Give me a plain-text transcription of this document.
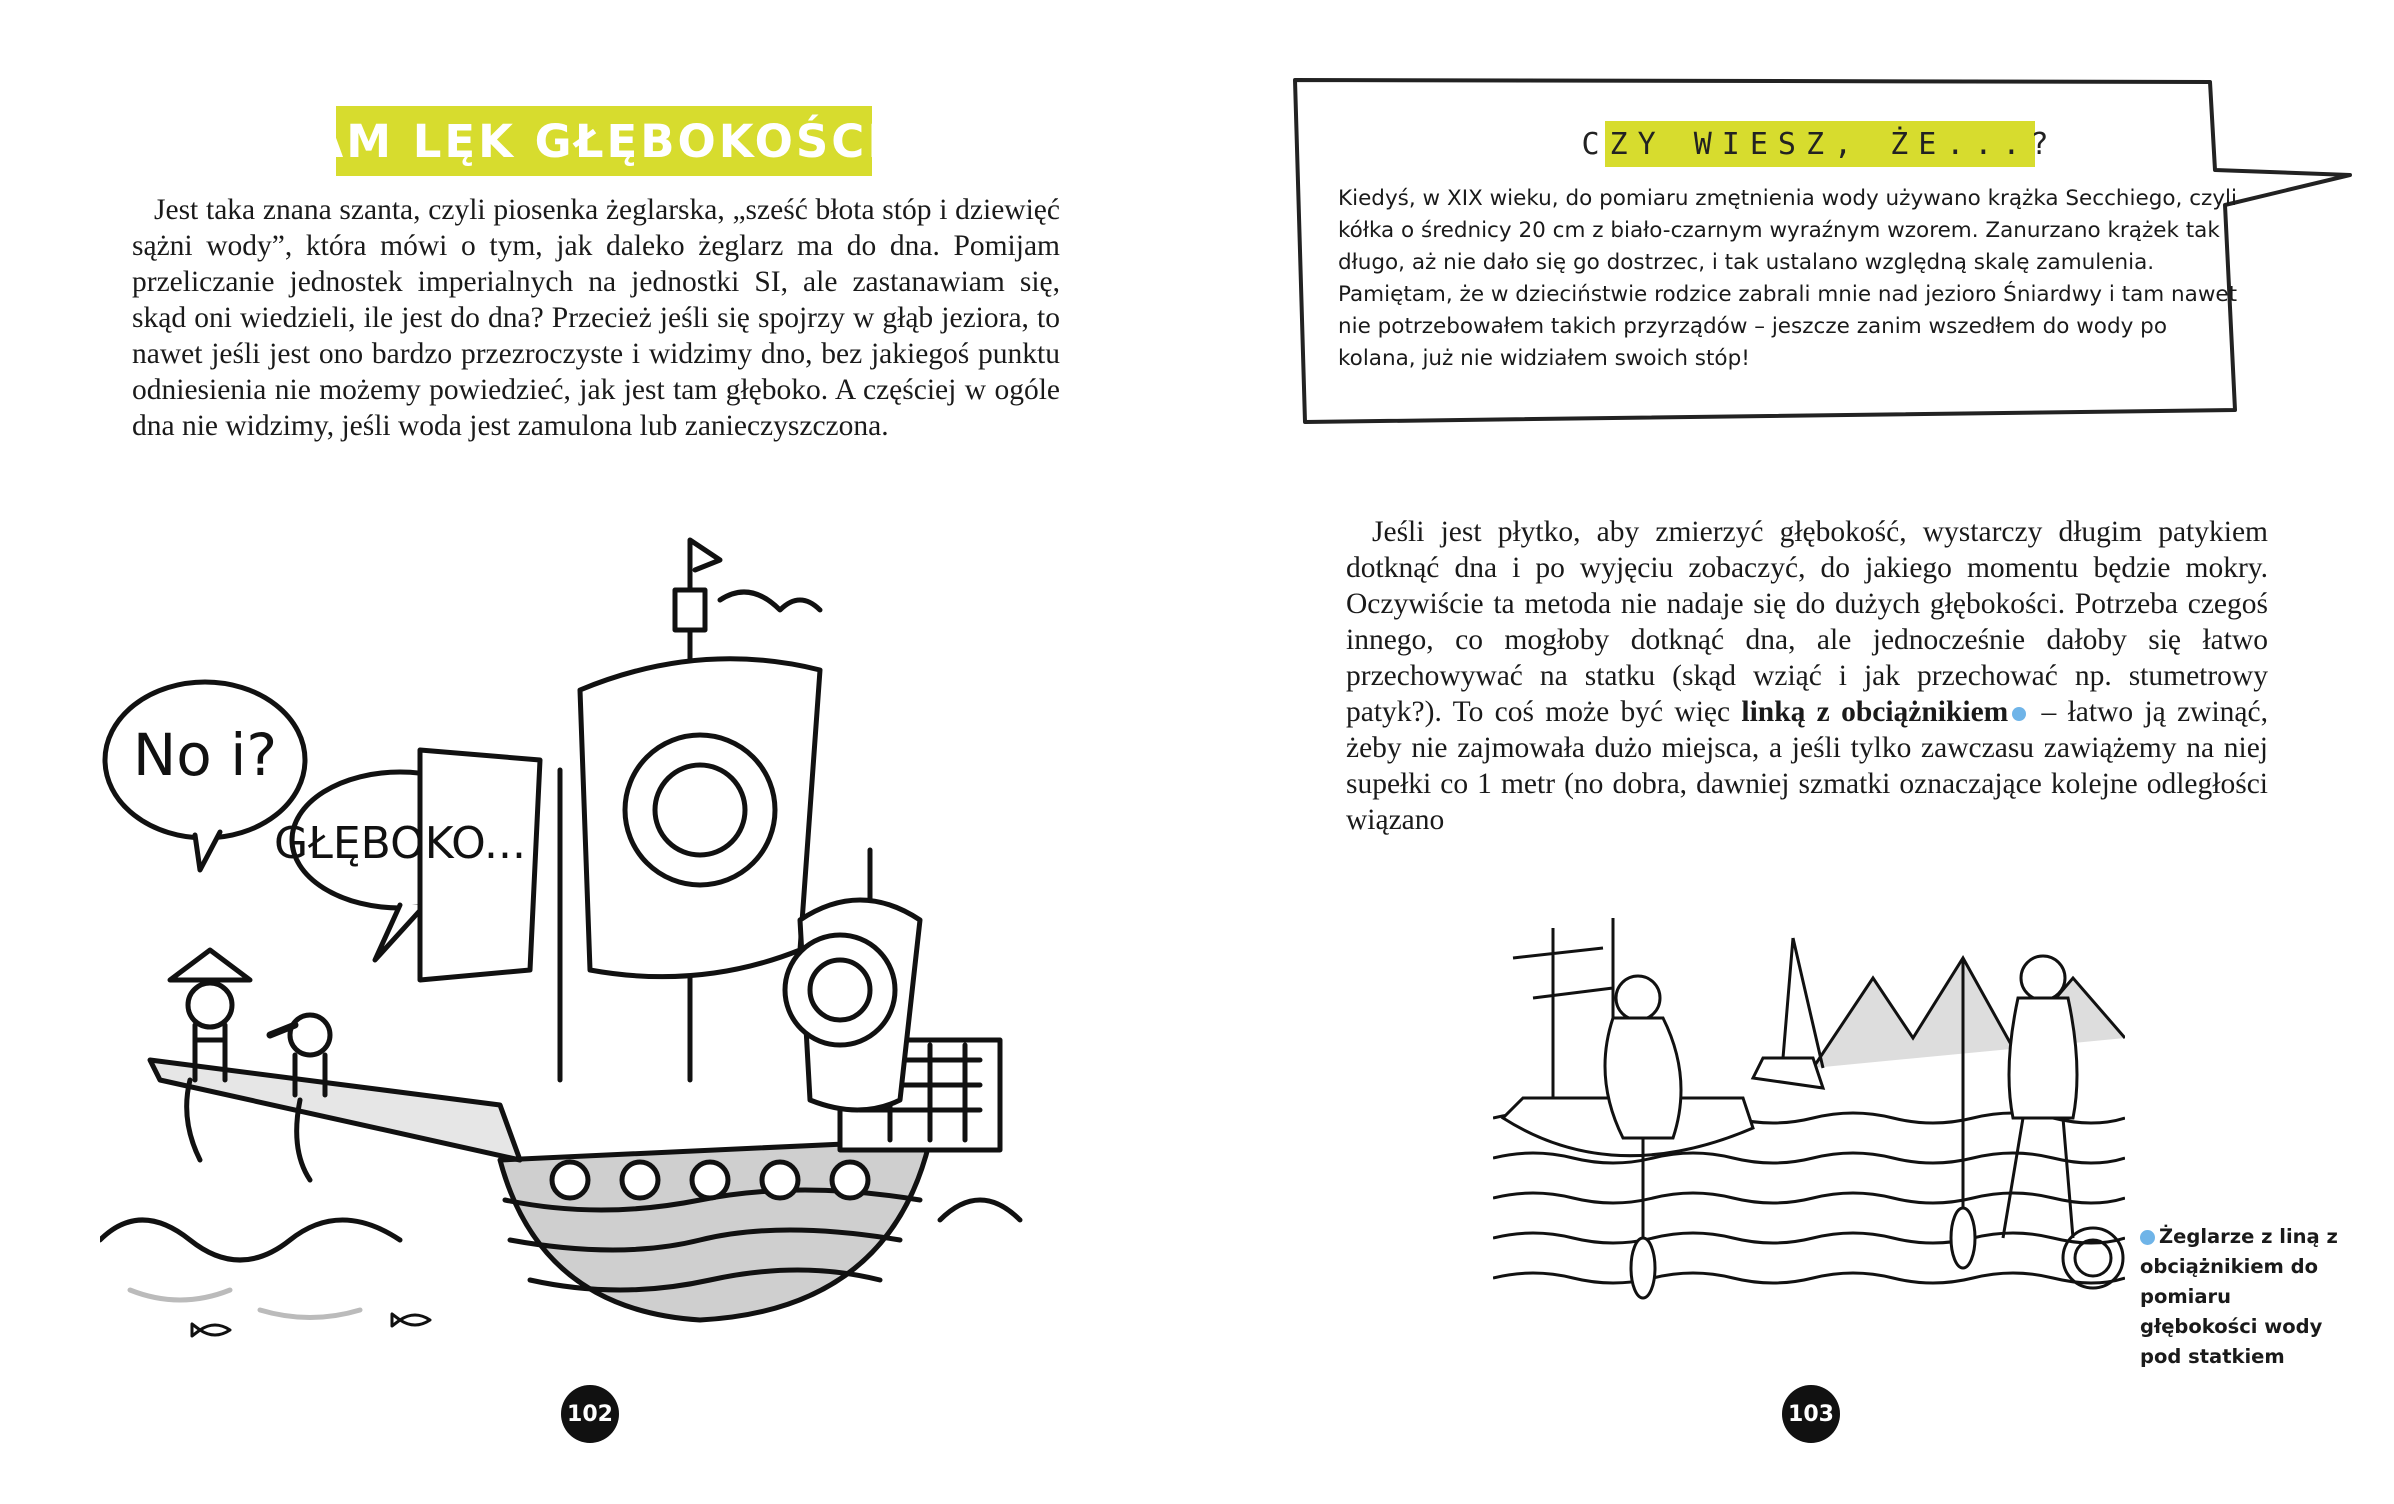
MAM LĘK GŁĘBOKOŚCI...

Jest taka znana szanta, czyli piosenka żeglarska, „sześć błota stóp i dziewięć sążni wody”, która mówi o tym, jak daleko żeglarz ma do dna. Pomijam przeliczanie jednostek imperialnych na jednostki SI, ale zastanawiam się, skąd oni wiedzieli, ile jest do dna? Przecież jeśli się spojrzy w głąb jeziora, to nawet jeśli jest ono bardzo przezroczyste i widzimy dno, bez jakiegoś punktu odniesienia nie możemy powiedzieć, jak jest tam głęboko. A częściej w ogóle dna nie widzimy, jeśli woda jest zamulona lub zanieczyszczona.

No i?
GŁĘBOKO...
102
CZY WIESZ, ŻE...?

Kiedyś, w XIX wieku, do pomiaru zmętnienia wody używano krążka Secchiego, czyli kółka o średnicy 20 cm z biało-czarnym wyraźnym wzorem. Zanurzano krążek tak długo, aż nie dało się go dostrzec, i tak ustalano względną skalę zamulenia. Pamiętam, że w dzieciństwie rodzice zabrali mnie nad jezioro Śniardwy i tam nawet nie potrzebowałem takich przyrządów – jeszcze zanim wszedłem do wody po kolana, już nie widziałem swoich stóp!

Jeśli jest płytko, aby zmierzyć głębokość, wystarczy długim patykiem dotknąć dna i po wyjęciu zobaczyć, do jakiego momentu będzie mokry. Oczywiście ta metoda nie nadaje się do dużych głębokości. Potrzeba czegoś innego, co mogłoby dotknąć dna, ale jednocześnie dałoby się łatwo przechowywać na statku (skąd wziąć i jak przechować np. stumetrowy patyk?). To coś może być więc linką z obciążnikiem – łatwo ją zwinąć, żeby nie zajmowała dużo miejsca, a jeśli tylko zawczasu zawiążemy na niej supełki co 1 metr (no dobra, dawniej szmatki oznaczające kolejne odległości wiązano

Żeglarze z liną z obciążnikiem do pomiaru głębokości wody pod statkiem
103
